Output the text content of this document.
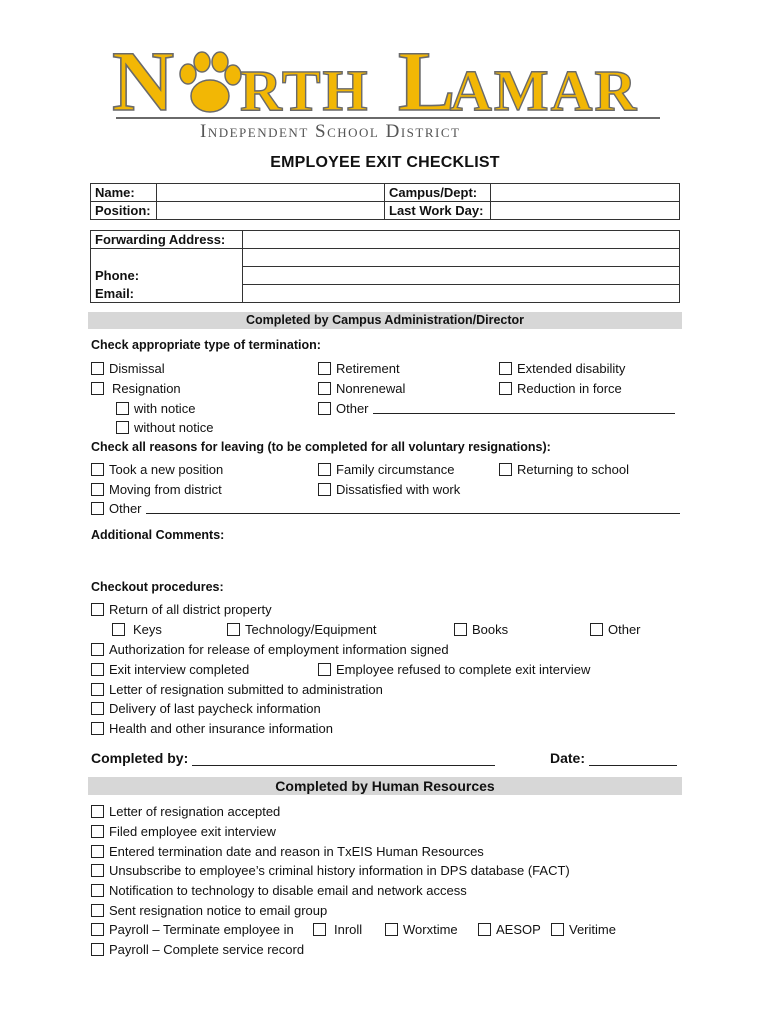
N RTH L
AMAR
Independent School District
EMPLOYEE EXIT CHECKLIST
Name:		Campus/Dept:	
Position:		Last Work Day:	
Forwarding Address:	

Phone:	
Email:	
Completed by Campus Administration/Director
Check appropriate type of termination:
Dismissal	Retirement	Extended disability
Resignation	Nonrenewal	Reduction in force
with notice	Other
without notice
Check all reasons for leaving (to be completed for all voluntary resignations):
Took a new position	Family circumstance	Returning to school
Moving from district	Dissatisfied with work
Other
Additional Comments:
Checkout procedures:
Return of all district property
Keys	Technology/Equipment	Books	Other
Authorization for release of employment information signed
Exit interview completed	Employee refused to complete exit interview
Letter of resignation submitted to administration
Delivery of last paycheck information
Health and other insurance information
Completed by:	Date:
Completed by Human Resources
Letter of resignation accepted
Filed employee exit interview
Entered termination date and reason in TxEIS Human Resources
Unsubscribe to employee’s criminal history information in DPS database (FACT)
Notification to technology to disable email and network access
Sent resignation notice to email group
Payroll – Terminate employee in	Inroll	Worxtime	AESOP Veritime
Payroll – Complete service record
